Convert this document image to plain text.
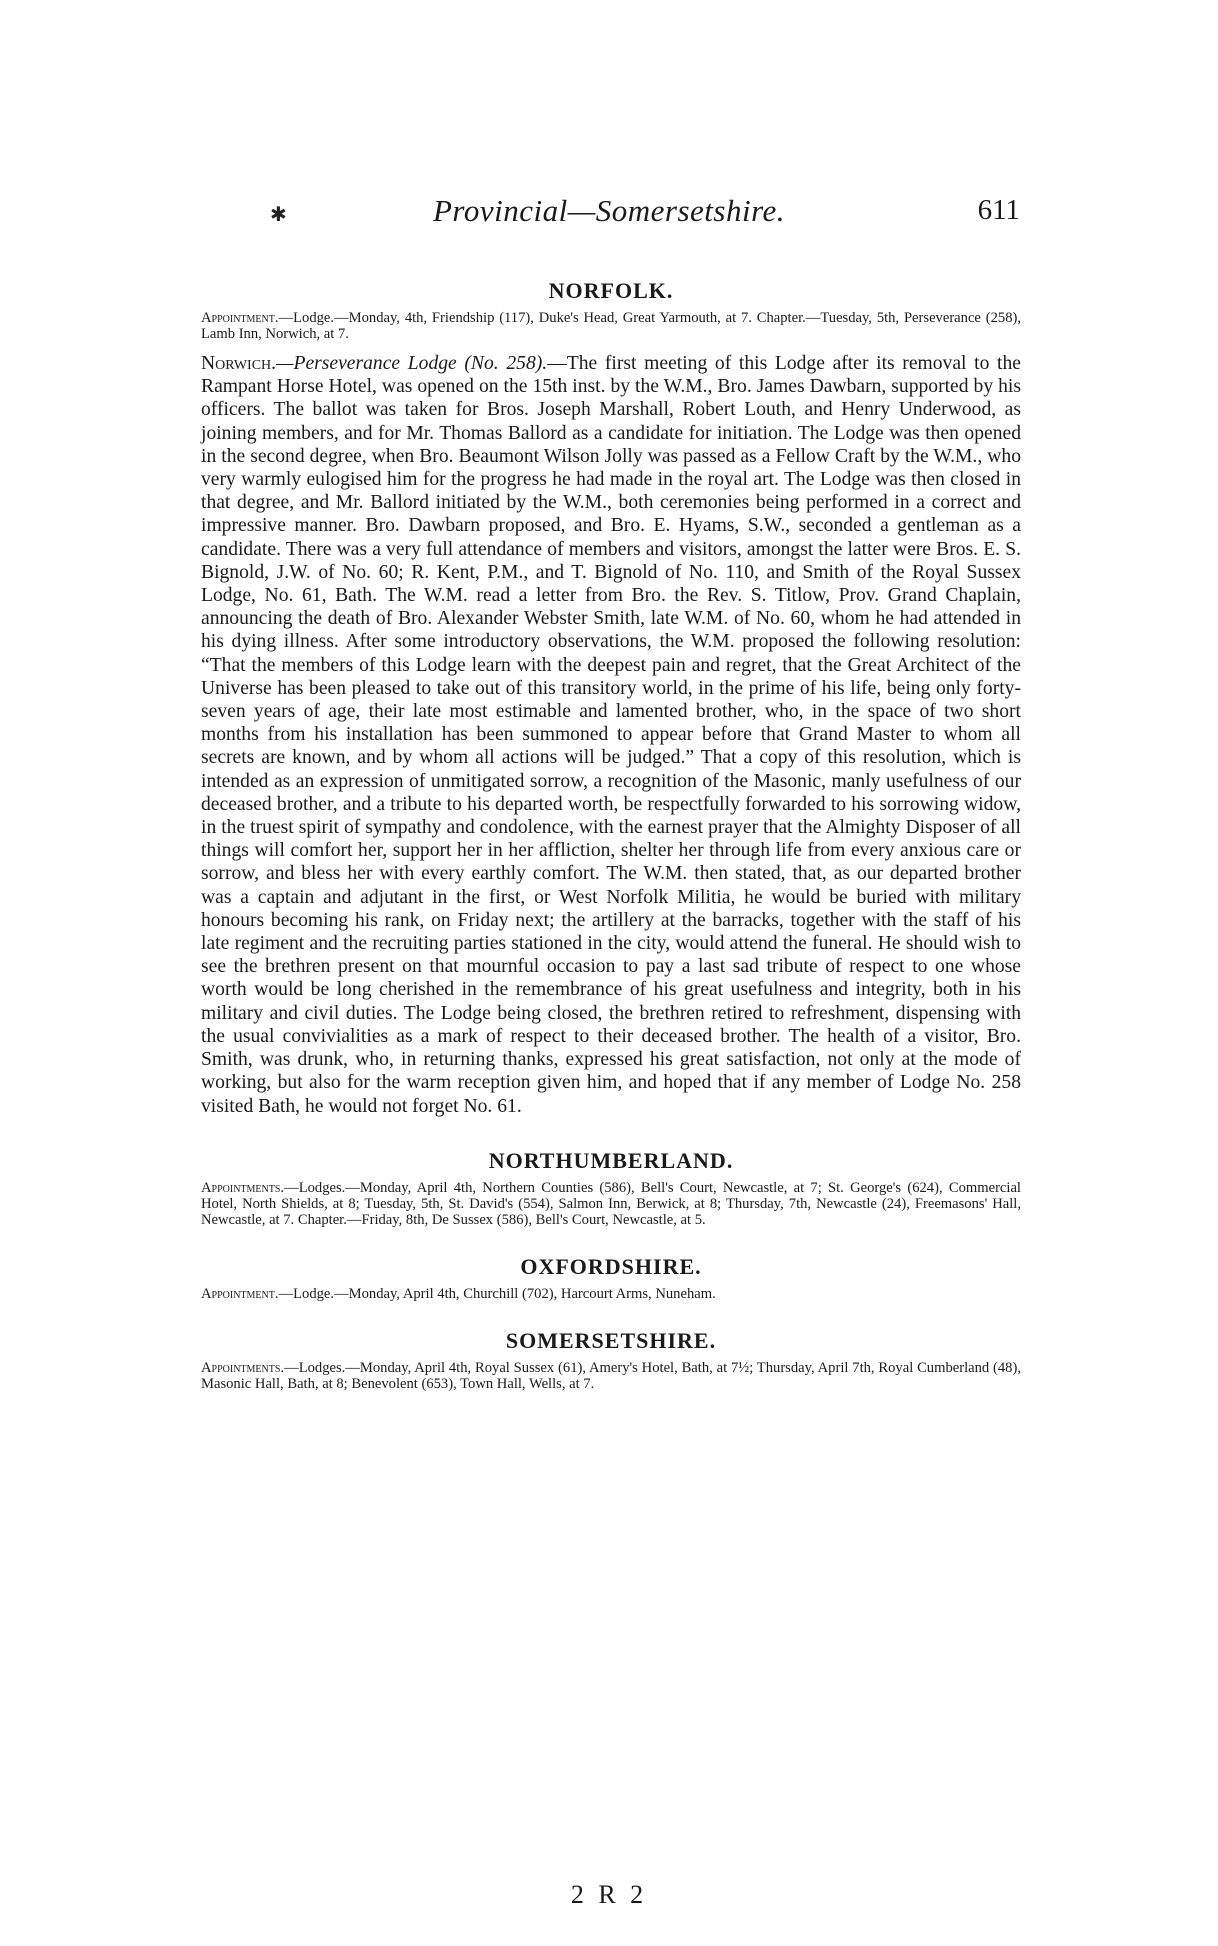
✱	Provincial—Somersetshire.	611
NORFOLK.

Appointment.—Lodge.—Monday, 4th, Friendship (117), Duke's Head, Great Yarmouth, at 7. Chapter.—Tuesday, 5th, Perseverance (258), Lamb Inn, Norwich, at 7.

Norwich.—Perseverance Lodge (No. 258).—The first meeting of this Lodge after its removal to the Rampant Horse Hotel, was opened on the 15th inst. by the W.M., Bro. James Dawbarn, supported by his officers. The ballot was taken for Bros. Joseph Marshall, Robert Louth, and Henry Underwood, as joining members, and for Mr. Thomas Ballord as a candidate for initiation. The Lodge was then opened in the second degree, when Bro. Beaumont Wilson Jolly was passed as a Fellow Craft by the W.M., who very warmly eulogised him for the progress he had made in the royal art. The Lodge was then closed in that degree, and Mr. Ballord initiated by the W.M., both ceremonies being performed in a correct and impressive manner. Bro. Dawbarn proposed, and Bro. E. Hyams, S.W., seconded a gentleman as a candidate. There was a very full attendance of members and visitors, amongst the latter were Bros. E. S. Bignold, J.W. of No. 60; R. Kent, P.M., and T. Bignold of No. 110, and Smith of the Royal Sussex Lodge, No. 61, Bath. The W.M. read a letter from Bro. the Rev. S. Titlow, Prov. Grand Chaplain, announcing the death of Bro. Alexander Webster Smith, late W.M. of No. 60, whom he had attended in his dying illness. After some introductory observations, the W.M. proposed the following resolution: “That the members of this Lodge learn with the deepest pain and regret, that the Great Architect of the Universe has been pleased to take out of this transitory world, in the prime of his life, being only forty-seven years of age, their late most estimable and lamented brother, who, in the space of two short months from his installation has been summoned to appear before that Grand Master to whom all secrets are known, and by whom all actions will be judged.” That a copy of this resolution, which is intended as an expression of unmitigated sorrow, a recognition of the Masonic, manly usefulness of our deceased brother, and a tribute to his departed worth, be respectfully forwarded to his sorrowing widow, in the truest spirit of sympathy and condolence, with the earnest prayer that the Almighty Disposer of all things will comfort her, support her in her affliction, shelter her through life from every anxious care or sorrow, and bless her with every earthly comfort. The W.M. then stated, that, as our departed brother was a captain and adjutant in the first, or West Norfolk Militia, he would be buried with military honours becoming his rank, on Friday next; the artillery at the barracks, together with the staff of his late regiment and the recruiting parties stationed in the city, would attend the funeral. He should wish to see the brethren present on that mournful occasion to pay a last sad tribute of respect to one whose worth would be long cherished in the remembrance of his great usefulness and integrity, both in his military and civil duties. The Lodge being closed, the brethren retired to refreshment, dispensing with the usual convivialities as a mark of respect to their deceased brother. The health of a visitor, Bro. Smith, was drunk, who, in returning thanks, expressed his great satisfaction, not only at the mode of working, but also for the warm reception given him, and hoped that if any member of Lodge No. 258 visited Bath, he would not forget No. 61.

NORTHUMBERLAND.

Appointments.—Lodges.—Monday, April 4th, Northern Counties (586), Bell's Court, Newcastle, at 7; St. George's (624), Commercial Hotel, North Shields, at 8; Tuesday, 5th, St. David's (554), Salmon Inn, Berwick, at 8; Thursday, 7th, Newcastle (24), Freemasons' Hall, Newcastle, at 7. Chapter.—Friday, 8th, De Sussex (586), Bell's Court, Newcastle, at 5.

OXFORDSHIRE.

Appointment.—Lodge.—Monday, April 4th, Churchill (702), Harcourt Arms, Nuneham.

SOMERSETSHIRE.

Appointments.—Lodges.—Monday, April 4th, Royal Sussex (61), Amery's Hotel, Bath, at 7½; Thursday, April 7th, Royal Cumberland (48), Masonic Hall, Bath, at 8; Benevolent (653), Town Hall, Wells, at 7.

2 R 2
